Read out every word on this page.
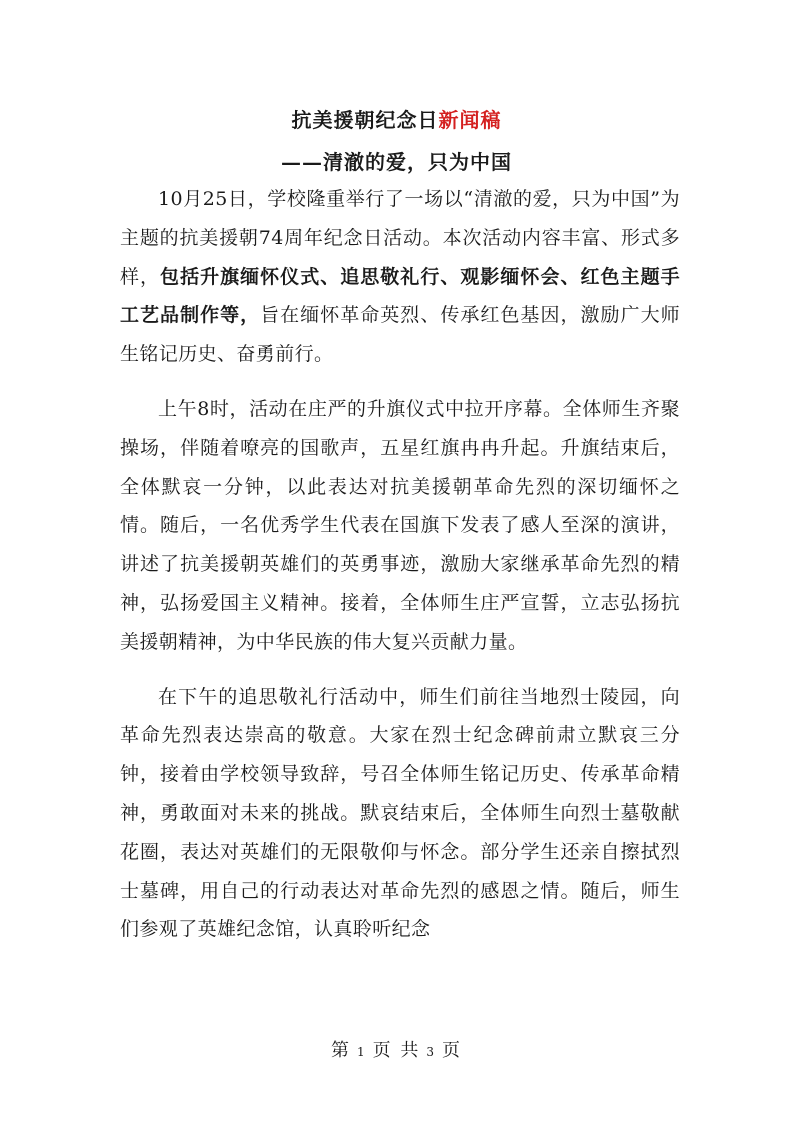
抗美援朝纪念日新闻稿
——清澈的爱，只为中国

10月25日，学校隆重举行了一场以“清澈的爱，只为中国”为主题的抗美援朝74周年纪念日活动。本次活动内容丰富、形式多样，包括升旗缅怀仪式、追思敬礼行、观影缅怀会、红色主题手工艺品制作等，旨在缅怀革命英烈、传承红色基因，激励广大师生铭记历史、奋勇前行。

上午8时，活动在庄严的升旗仪式中拉开序幕。全体师生齐聚操场，伴随着嘹亮的国歌声，五星红旗冉冉升起。升旗结束后，全体默哀一分钟，以此表达对抗美援朝革命先烈的深切缅怀之情。随后，一名优秀学生代表在国旗下发表了感人至深的演讲，讲述了抗美援朝英雄们的英勇事迹，激励大家继承革命先烈的精神，弘扬爱国主义精神。接着，全体师生庄严宣誓，立志弘扬抗美援朝精神，为中华民族的伟大复兴贡献力量。

在下午的追思敬礼行活动中，师生们前往当地烈士陵园，向革命先烈表达崇高的敬意。大家在烈士纪念碑前肃立默哀三分钟，接着由学校领导致辞，号召全体师生铭记历史、传承革命精神，勇敢面对未来的挑战。默哀结束后，全体师生向烈士墓敬献花圈，表达对英雄们的无限敬仰与怀念。部分学生还亲自擦拭烈士墓碑，用自己的行动表达对革命先烈的感恩之情。随后，师生们参观了英雄纪念馆，认真聆听纪念

第 1 页 共 3 页
